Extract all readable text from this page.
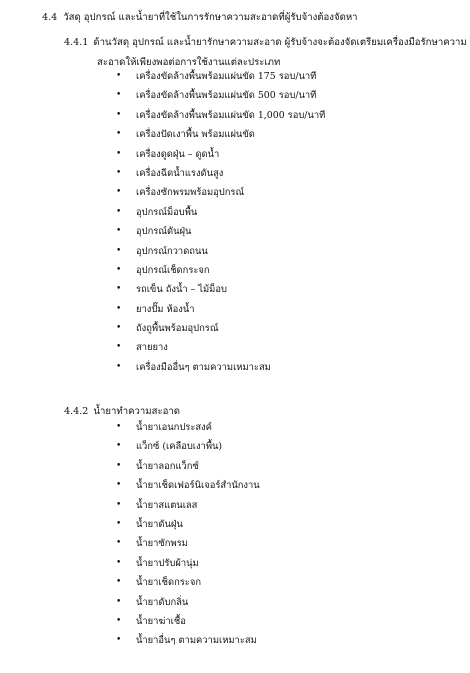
4.4 วัสดุ อุปกรณ์ และน้ำยาที่ใช้ในการรักษาความสะอาดที่ผู้รับจ้างต้องจัดหา
4.4.1 ด้านวัสดุ อุปกรณ์ และน้ำยารักษาความสะอาด ผู้รับจ้างจะต้องจัดเตรียมเครื่องมือรักษาความ
สะอาดให้เพียงพอต่อการใช้งานแต่ละประเภท
• เครื่องขัดล้างพื้นพร้อมแผ่นขัด 175 รอบ/นาที
• เครื่องขัดล้างพื้นพร้อมแผ่นขัด 500 รอบ/นาที
• เครื่องขัดล้างพื้นพร้อมแผ่นขัด 1,000 รอบ/นาที
• เครื่องปัดเงาพื้น พร้อมแผ่นขัด
• เครื่องดูดฝุ่น – ดูดน้ำ
• เครื่องฉีดน้ำแรงดันสูง
• เครื่องซักพรมพร้อมอุปกรณ์
• อุปกรณ์ม็อบพื้น
• อุปกรณ์ดันฝุ่น
• อุปกรณ์กวาดถนน
• อุปกรณ์เช็ดกระจก
• รถเข็น ถังน้ำ – ไม้ม็อบ
• ยางปั๊ม ห้องน้ำ
• ถังถูพื้นพร้อมอุปกรณ์
• สายยาง
• เครื่องมืออื่นๆ ตามความเหมาะสม
4.4.2 น้ำยาทำความสะอาด
• น้ำยาเอนกประสงค์
• แว็กซ์ (เคลือบเงาพื้น)
• น้ำยาลอกแว็กซ์
• น้ำยาเช็ดเฟอร์นิเจอร์สำนักงาน
• น้ำยาสแตนเลส
• น้ำยาดันฝุ่น
• น้ำยาซักพรม
• น้ำยาปรับผ้านุ่ม
• น้ำยาเช็ดกระจก
• น้ำยาดับกลิ่น
• น้ำยาฆ่าเชื้อ
• น้ำยาอื่นๆ ตามความเหมาะสม
